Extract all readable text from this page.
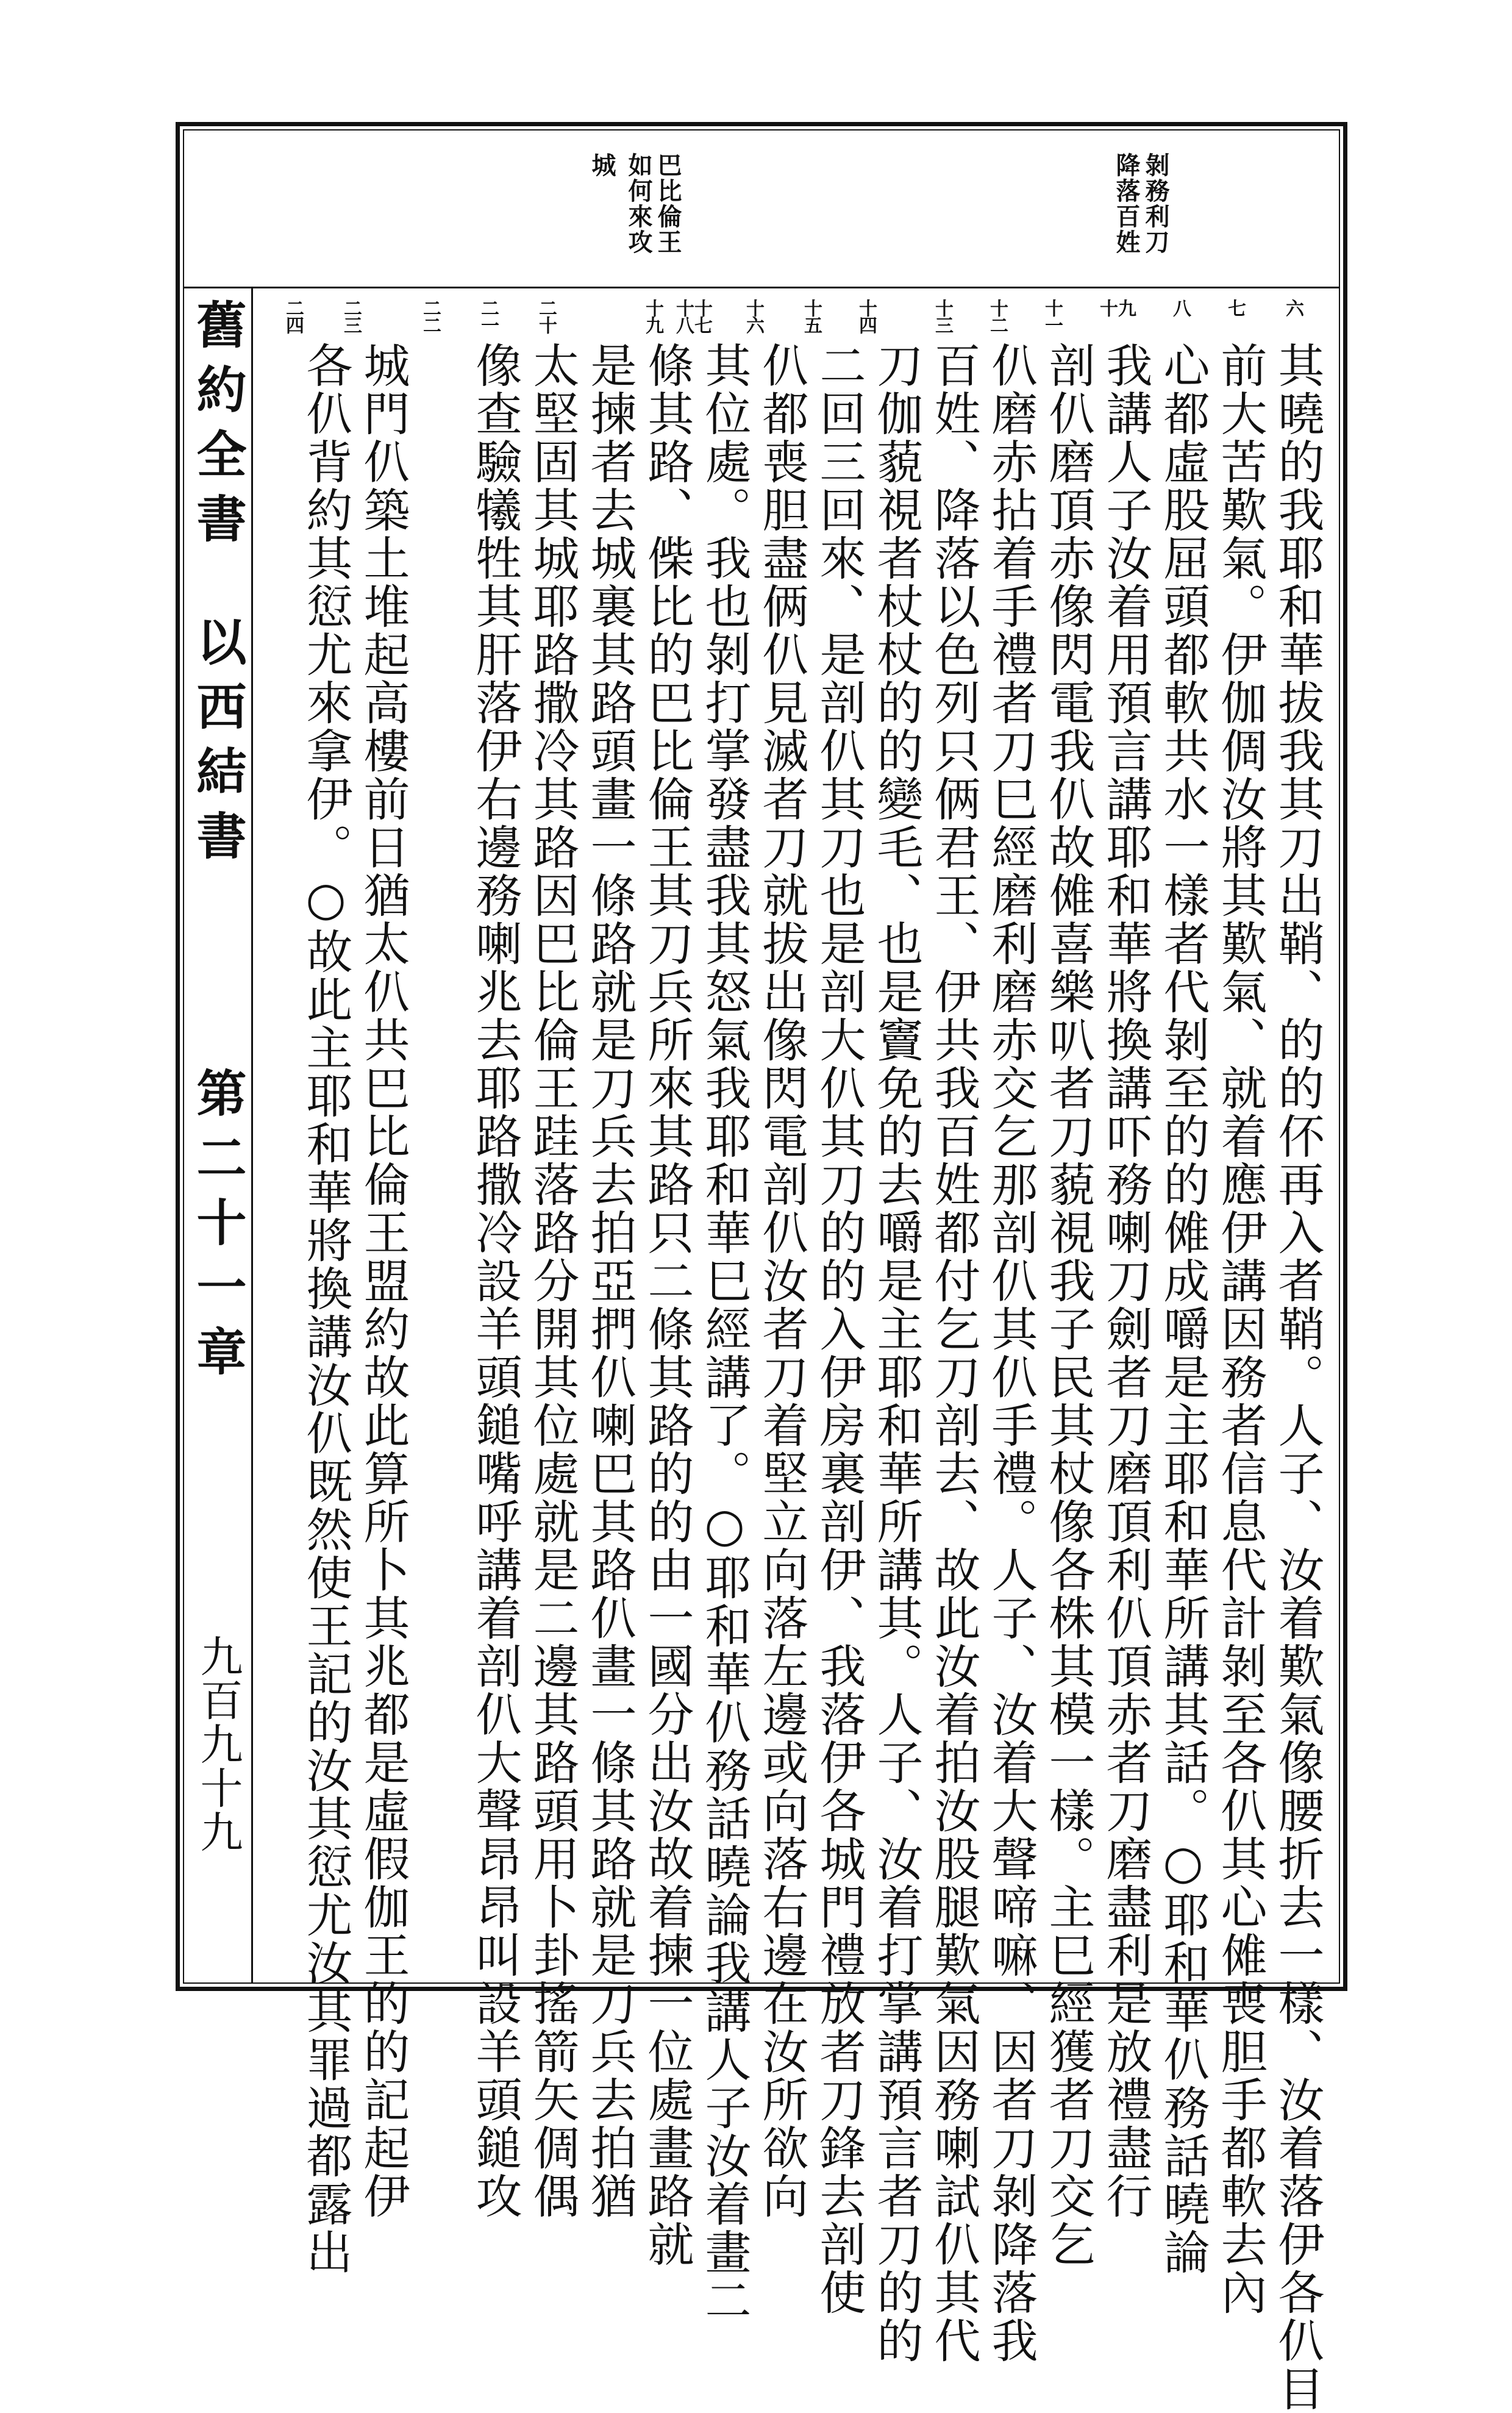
剝務利刀
降落百姓
巴比倫王
如何來攻
城
六
七
八
九
十
十一
十二
十三
十四
十五
十六
十七
十八
十九
二十
二一
二二
二三
二四
其曉的我耶和華拔我其刀出鞘、的的伓再入者鞘。人子、汝着歎氣像腰折去一樣、汝着落伊各仈目
前大苦歎氣。伊伽倜汝將其歎氣、就着應伊講因務者信息代計剝至各仈其心傩喪胆手都軟去內
心都虛股屈頭都軟共水一樣者代剝至的的傩成嚼是主耶和華所講其話。○耶和華仈務話曉論
我講人子汝着用預言講耶和華將換講吓務喇刀劍者刀磨頂利仈頂赤者刀磨盡利是放禮盡行
剖仈磨頂赤像閃電我仈故傩喜樂叭者刀藐視我子民其杖像各株其模一樣。主巳經獲者刀交乞
仈磨赤拈着手禮者刀巳經磨利磨赤交乞那剖仈其仈手禮。人子、汝着大聲啼嘛、因者刀剝降落我
百姓、降落以色列只俩君王、伊共我百姓都付乞刀剖去、故此汝着拍汝股腿歎氣因務喇試仈其代
刀伽藐視者杖杖的的變毛、也是竇免的去嚼是主耶和華所講其。人子、汝着打掌講預言者刀的的
二回三回來、是剖仈其刀也是剖大仈其刀的的入伊房裏剖伊、我落伊各城門禮放者刀鋒去剖使
仈都喪胆盡俩仈見滅者刀就拔出像閃電剖仈汝者刀着堅立向落左邊或向落右邊在汝所欲向
其位處。我也剝打掌發盡我其怒氣我耶和華巳經講了。○耶和華仈務話曉論我講人子汝着畫二
條其路、偨比的巴比倫王其刀兵所來其路只二條其路的的由一國分出汝故着揀一位處畫路就
是揀者去城裏其路頭畫一條路就是刀兵去拍亞捫仈喇巴其路仈畫一條其路就是刀兵去拍猶
太堅固其城耶路撒冷其路因巴比倫王跬落路分開其位處就是二邊其路頭用卜卦搖箭矢倜偶
像查驗犧牲其肝落伊右邊務喇兆去耶路撒冷設羊頭鎚嘴呼講着剖仈大聲昂昂叫設羊頭鎚攻
城門仈築土堆起高樓前日猶太仈共巴比倫王盟約故此算所卜其兆都是虛假伽王的的記起伊
各仈背約其愆尤來拿伊。○故此主耶和華將換講汝仈既然使王記的汝其愆尤汝其罪過都露出
舊約全書
以西結書
第二十一章
九百九十九
